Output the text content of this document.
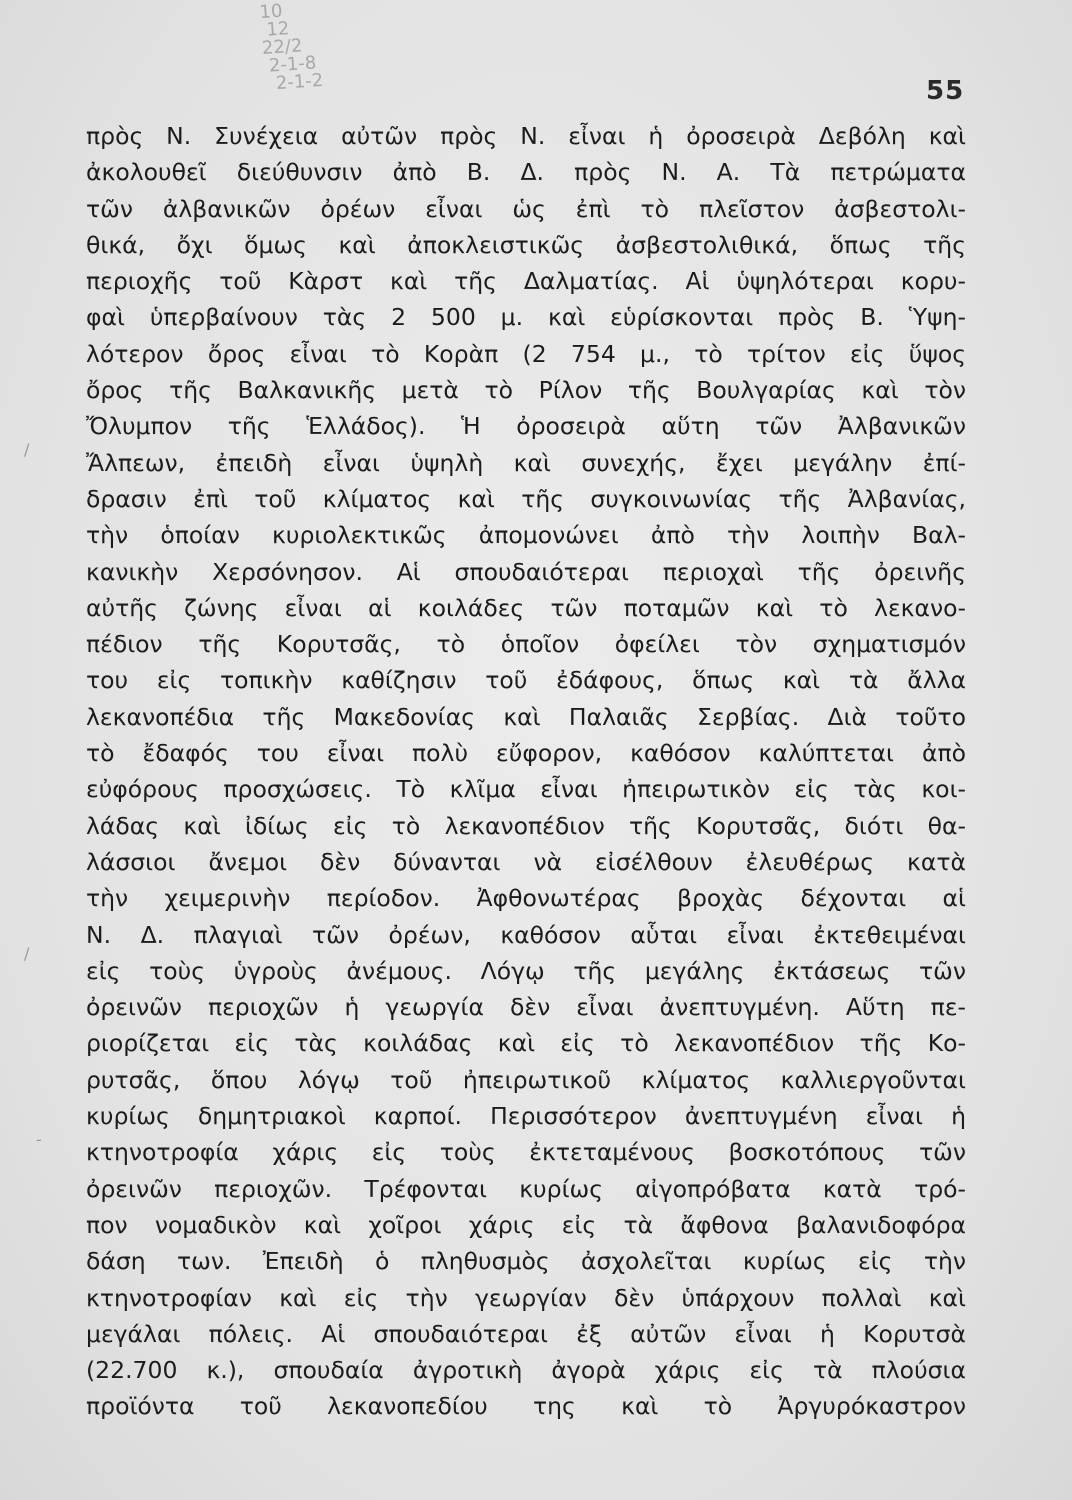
10
12
22/2
2-1-8
2-1-2	55
/
-
/
πρὸς Ν. Συνέχεια αὐτῶν πρὸς Ν. εἶναι ἡ ὀροσειρὰ Δεβόλη καὶ
ἀκολουθεῖ διεύθυνσιν ἀπὸ Β. Δ. πρὸς Ν. Α. Τὰ πετρώματα
τῶν ἀλβανικῶν ὀρέων εἶναι ὡς ἐπὶ τὸ πλεῖστον ἀσβεστολι-
θικά, ὄχι ὅμως καὶ ἀποκλειστικῶς ἀσβεστολιθικά, ὅπως τῆς
περιοχῆς τοῦ Κὰρστ καὶ τῆς Δαλματίας. Αἱ ὑψηλότεραι κορυ-
φαὶ ὑπερβαίνουν τὰς 2 500 μ. καὶ εὑρίσκονται πρὸς Β. Ὑψη-
λότερον ὄρος εἶναι τὸ Κορὰπ (2 754 μ., τὸ τρίτον εἰς ὕψος
ὄρος τῆς Βαλκανικῆς μετὰ τὸ Ρίλον τῆς Βουλγαρίας καὶ τὸν
Ὄλυμπον τῆς Ἑλλάδος). Ἡ ὀροσειρὰ αὕτη τῶν Ἀλβανικῶν
Ἄλπεων, ἐπειδὴ εἶναι ὑψηλὴ καὶ συνεχής, ἔχει μεγάλην ἐπί-
δρασιν ἐπὶ τοῦ κλίματος καὶ τῆς συγκοινωνίας τῆς Ἀλβανίας,
τὴν ὁποίαν κυριολεκτικῶς ἀπομονώνει ἀπὸ τὴν λοιπὴν Βαλ-
κανικὴν Χερσόνησον. Αἱ σπουδαιότεραι περιοχαὶ τῆς ὀρεινῆς
αὐτῆς ζώνης εἶναι αἱ κοιλάδες τῶν ποταμῶν καὶ τὸ λεκανο-
πέδιον τῆς Κορυτσᾶς, τὸ ὁποῖον ὀφείλει τὸν σχηματισμόν
του εἰς τοπικὴν καθίζησιν τοῦ ἐδάφους, ὅπως καὶ τὰ ἄλλα
λεκανοπέδια τῆς Μακεδονίας καὶ Παλαιᾶς Σερβίας. Διὰ τοῦτο
τὸ ἔδαφός του εἶναι πολὺ εὔφορον, καθόσον καλύπτεται ἀπὸ
εὐφόρους προσχώσεις. Τὸ κλῖμα εἶναι ἠπειρωτικὸν εἰς τὰς κοι-
λάδας καὶ ἰδίως εἰς τὸ λεκανοπέδιον τῆς Κορυτσᾶς, διότι θα-
λάσσιοι ἄνεμοι δὲν δύνανται νὰ εἰσέλθουν ἐλευθέρως κατὰ
τὴν χειμερινὴν περίοδον. Ἀφθονωτέρας βροχὰς δέχονται αἱ
Ν. Δ. πλαγιαὶ τῶν ὀρέων, καθόσον αὗται εἶναι ἐκτεθειμέναι
εἰς τοὺς ὑγροὺς ἀνέμους. Λόγῳ τῆς μεγάλης ἐκτάσεως τῶν
ὀρεινῶν περιοχῶν ἡ γεωργία δὲν εἶναι ἀνεπτυγμένη. Αὕτη πε-
ριορίζεται εἰς τὰς κοιλάδας καὶ εἰς τὸ λεκανοπέδιον τῆς Κο-
ρυτσᾶς, ὅπου λόγῳ τοῦ ἠπειρωτικοῦ κλίματος καλλιεργοῦνται
κυρίως δημητριακοὶ καρποί. Περισσότερον ἀνεπτυγμένη εἶναι ἡ
κτηνοτροφία χάρις εἰς τοὺς ἐκτεταμένους βοσκοτόπους τῶν
ὀρεινῶν περιοχῶν. Τρέφονται κυρίως αἰγοπρόβατα κατὰ τρό-
πον νομαδικὸν καὶ χοῖροι χάρις εἰς τὰ ἄφθονα βαλανιδοφόρα
δάση των. Ἐπειδὴ ὁ πληθυσμὸς ἀσχολεῖται κυρίως εἰς τὴν
κτηνοτροφίαν καὶ εἰς τὴν γεωργίαν δὲν ὑπάρχουν πολλαὶ καὶ
μεγάλαι πόλεις. Αἱ σπουδαιότεραι ἐξ αὐτῶν εἶναι ἡ Κορυτσὰ
(22.700 κ.), σπουδαία ἀγροτικὴ ἀγορὰ χάρις εἰς τὰ πλούσια
προϊόντα τοῦ λεκανοπεδίου της καὶ τὸ Ἀργυρόκαστρον
